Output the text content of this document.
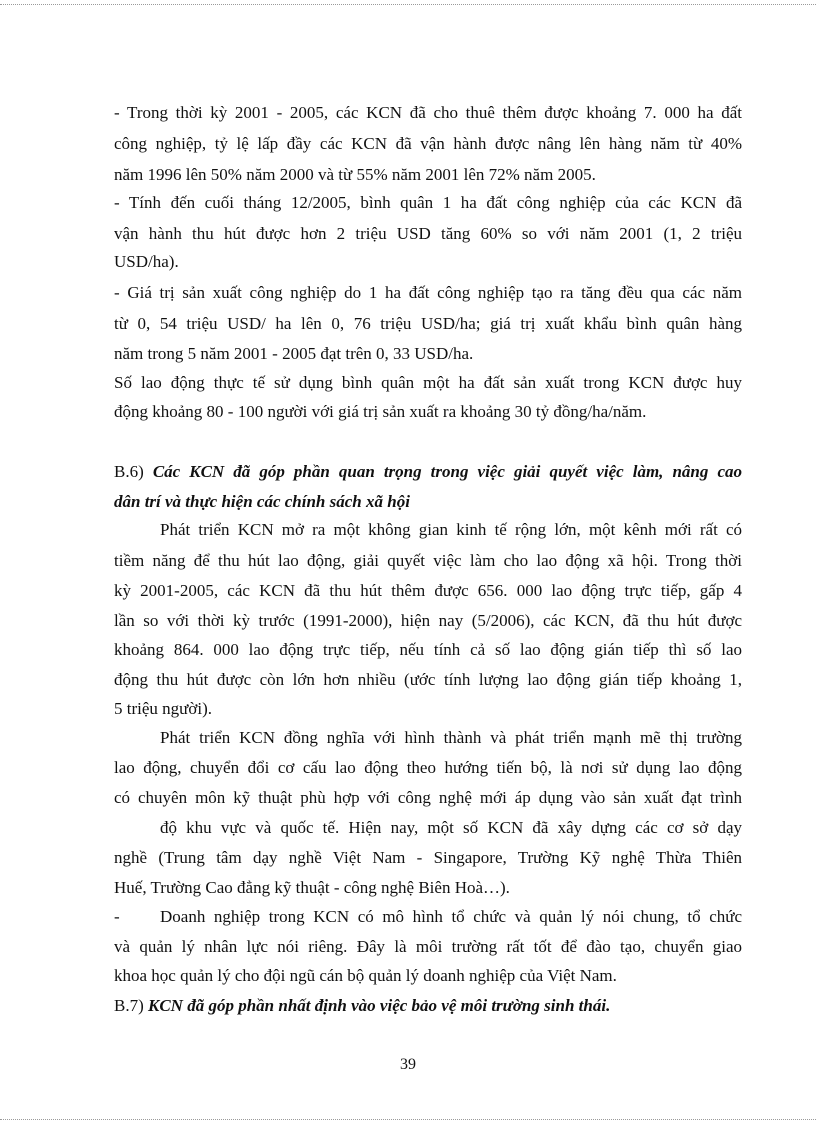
- Trong thời kỳ 2001 - 2005, các KCN đã cho thuê thêm được khoảng 7. 000 ha đất
công nghiệp, tỷ lệ lấp đầy các KCN đã vận hành được nâng lên hàng năm từ 40%
năm 1996 lên 50% năm 2000 và từ 55% năm 2001 lên 72% năm 2005.
- Tính đến cuối tháng 12/2005, bình quân 1 ha đất công nghiệp của các KCN đã
vận hành thu hút được hơn 2 triệu USD tăng 60% so với năm 2001 (1, 2 triệu
USD/ha).
- Giá trị sản xuất công nghiệp do 1 ha đất công nghiệp tạo ra tăng đều qua các năm
từ 0, 54 triệu USD/ ha lên 0, 76 triệu USD/ha; giá trị xuất khẩu bình quân hàng
năm trong 5 năm 2001 - 2005 đạt trên 0, 33 USD/ha.
Số lao động thực tế sử dụng bình quân một ha đất sản xuất trong KCN được huy
động khoảng 80 - 100 người với giá trị sản xuất ra khoảng 30 tỷ đồng/ha/năm.
B.6) Các KCN đã góp phần quan trọng trong việc giải quyết việc làm, nâng cao
dân trí và thực hiện các chính sách xã hội
Phát triển KCN mở ra một không gian kinh tế rộng lớn, một kênh mới rất có
tiềm năng để thu hút lao động, giải quyết việc làm cho lao động xã hội. Trong thời
kỳ 2001-2005, các KCN đã thu hút thêm được 656. 000 lao động trực tiếp, gấp 4
lần so với thời kỳ trước (1991-2000), hiện nay (5/2006), các KCN, đã thu hút được
khoảng 864. 000 lao động trực tiếp, nếu tính cả số lao động gián tiếp thì số lao
động thu hút được còn lớn hơn nhiều (ước tính lượng lao động gián tiếp khoảng 1,
5 triệu người).
Phát triển KCN đồng nghĩa với hình thành và phát triển mạnh mẽ thị trường
lao động, chuyển đổi cơ cấu lao động theo hướng tiến bộ, là nơi sử dụng lao động
có chuyên môn kỹ thuật phù hợp với công nghệ mới áp dụng vào sản xuất đạt trình
độ khu vực và quốc tế. Hiện nay, một số KCN đã xây dựng các cơ sở dạy
nghề (Trung tâm dạy nghề Việt Nam - Singapore, Trường Kỹ nghệ Thừa Thiên
Huế, Trường Cao đẳng kỹ thuật - công nghệ Biên Hoà…).
- Doanh nghiệp trong KCN có mô hình tổ chức và quản lý nói chung, tổ chức
và quản lý nhân lực nói riêng. Đây là môi trường rất tốt để đào tạo, chuyển giao
khoa học quản lý cho đội ngũ cán bộ quản lý doanh nghiệp của Việt Nam.
B.7) KCN đã góp phần nhất định vào việc bảo vệ môi trường sinh thái.
39
